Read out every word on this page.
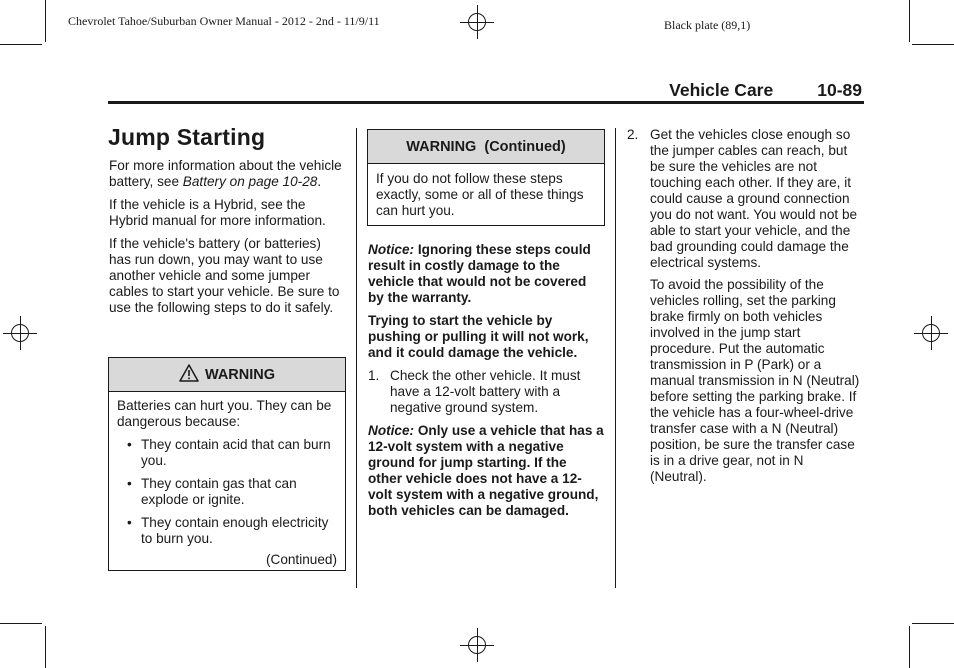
Chevrolet Tahoe/Suburban Owner Manual - 2012 - 2nd - 11/9/11	Black plate (89,1)
Vehicle Care	10-89
Jump Starting

For more information about the vehicle battery, see Battery on page 10-28.

If the vehicle is a Hybrid, see the Hybrid manual for more information.

If the vehicle's battery (or batteries) has run down, you may want to use another vehicle and some jumper cables to start your vehicle. Be sure to use the following steps to do it safely.

WARNING
Batteries can hurt you. They can be dangerous because:
• They contain acid that can burn you.
• They contain gas that can explode or ignite.
• They contain enough electricity to burn you.
(Continued)
WARNING  (Continued)
If you do not follow these steps exactly, some or all of these things can hurt you.

Notice: Ignoring these steps could result in costly damage to the vehicle that would not be covered by the warranty.

Trying to start the vehicle by pushing or pulling it will not work, and it could damage the vehicle.

1. Check the other vehicle. It must have a 12-volt battery with a negative ground system.

Notice: Only use a vehicle that has a 12-volt system with a negative ground for jump starting. If the other vehicle does not have a 12-volt system with a negative ground, both vehicles can be damaged.

2. Get the vehicles close enough so the jumper cables can reach, but be sure the vehicles are not touching each other. If they are, it could cause a ground connection you do not want. You would not be able to start your vehicle, and the bad grounding could damage the electrical systems.
To avoid the possibility of the vehicles rolling, set the parking brake firmly on both vehicles involved in the jump start procedure. Put the automatic transmission in P (Park) or a manual transmission in N (Neutral) before setting the parking brake. If the vehicle has a four-wheel-drive transfer case with a N (Neutral) position, be sure the transfer case is in a drive gear, not in N (Neutral).
